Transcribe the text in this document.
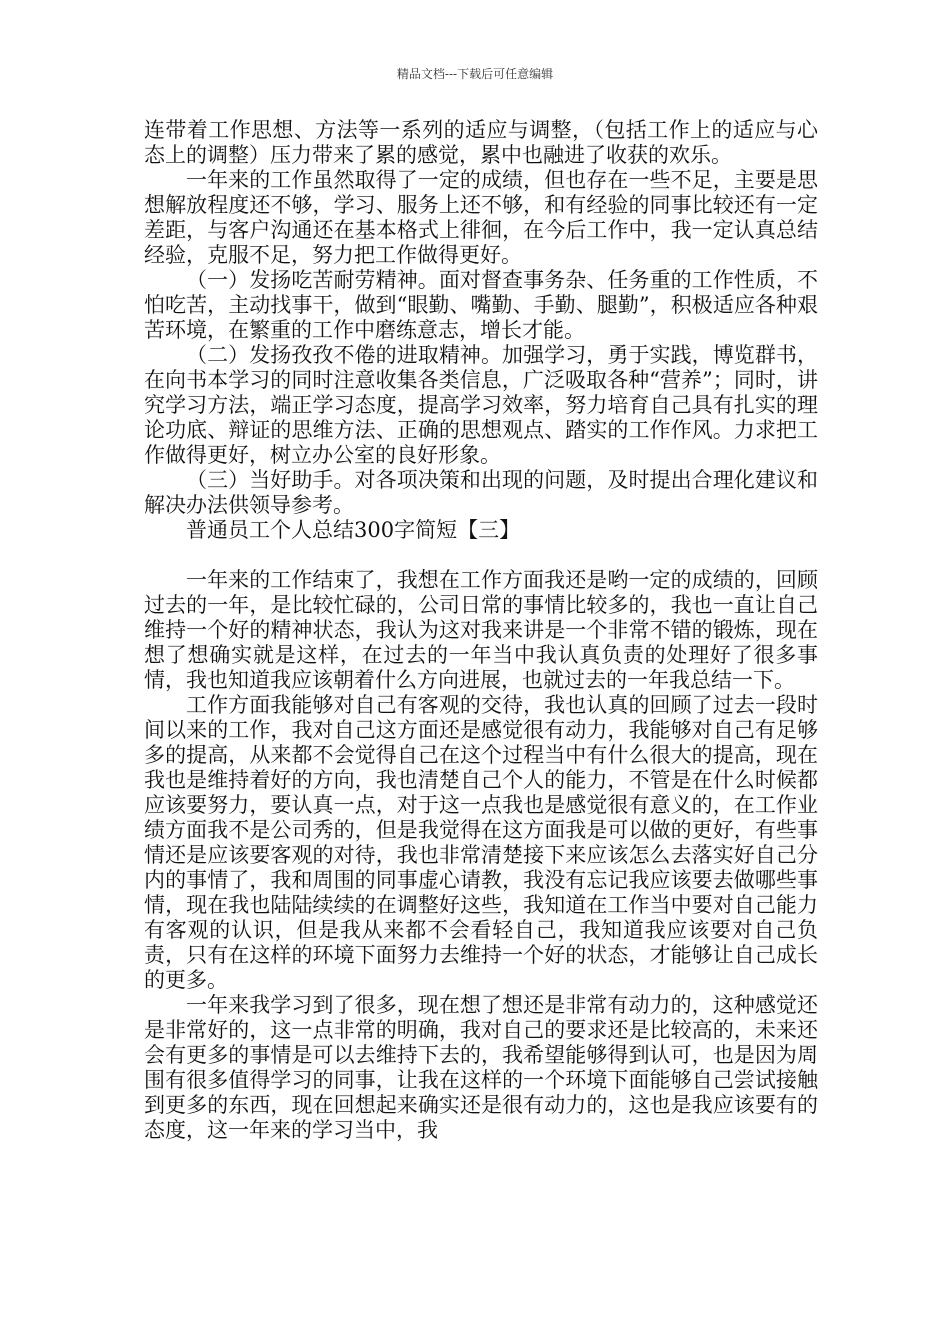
精品文档---下载后可任意编辑

连带着工作思想、方法等一系列的适应与调整，（包括工作上的适应与心态上的调整）压力带来了累的感觉，累中也融进了收获的欢乐。

一年来的工作虽然取得了一定的成绩，但也存在一些不足，主要是思想解放程度还不够，学习、服务上还不够，和有经验的同事比较还有一定差距，与客户沟通还在基本格式上徘徊，在今后工作中，我一定认真总结经验，克服不足，努力把工作做得更好。

（一）发扬吃苦耐劳精神。面对督查事务杂、任务重的工作性质，不怕吃苦，主动找事干，做到“眼勤、嘴勤、手勤、腿勤”，积极适应各种艰苦环境，在繁重的工作中磨练意志，增长才能。

（二）发扬孜孜不倦的进取精神。加强学习，勇于实践，博览群书，在向书本学习的同时注意收集各类信息，广泛吸取各种“营养”；同时，讲究学习方法，端正学习态度，提高学习效率，努力培育自己具有扎实的理论功底、辩证的思维方法、正确的思想观点、踏实的工作作风。力求把工作做得更好，树立办公室的良好形象。

（三）当好助手。对各项决策和出现的问题，及时提出合理化建议和解决办法供领导参考。

普通员工个人总结300字简短【三】

一年来的工作结束了，我想在工作方面我还是哟一定的成绩的，回顾过去的一年，是比较忙碌的，公司日常的事情比较多的，我也一直让自己维持一个好的精神状态，我认为这对我来讲是一个非常不错的锻炼，现在想了想确实就是这样，在过去的一年当中我认真负责的处理好了很多事情，我也知道我应该朝着什么方向进展，也就过去的一年我总结一下。

工作方面我能够对自己有客观的交待，我也认真的回顾了过去一段时间以来的工作，我对自己这方面还是感觉很有动力，我能够对自己有足够多的提高，从来都不会觉得自己在这个过程当中有什么很大的提高，现在我也是维持着好的方向，我也清楚自己个人的能力，不管是在什么时候都应该要努力，要认真一点，对于这一点我也是感觉很有意义的，在工作业绩方面我不是公司秀的，但是我觉得在这方面我是可以做的更好，有些事情还是应该要客观的对待，我也非常清楚接下来应该怎么去落实好自己分内的事情了，我和周围的同事虚心请教，我没有忘记我应该要去做哪些事情，现在我也陆陆续续的在调整好这些，我知道在工作当中要对自己能力有客观的认识，但是我从来都不会看轻自己，我知道我应该要对自己负责，只有在这样的环境下面努力去维持一个好的状态，才能够让自己成长的更多。

一年来我学习到了很多，现在想了想还是非常有动力的，这种感觉还是非常好的，这一点非常的明确，我对自己的要求还是比较高的，未来还会有更多的事情是可以去维持下去的，我希望能够得到认可，也是因为周围有很多值得学习的同事，让我在这样的一个环境下面能够自己尝试接触到更多的东西，现在回想起来确实还是很有动力的，这也是我应该要有的态度，这一年来的学习当中，我
